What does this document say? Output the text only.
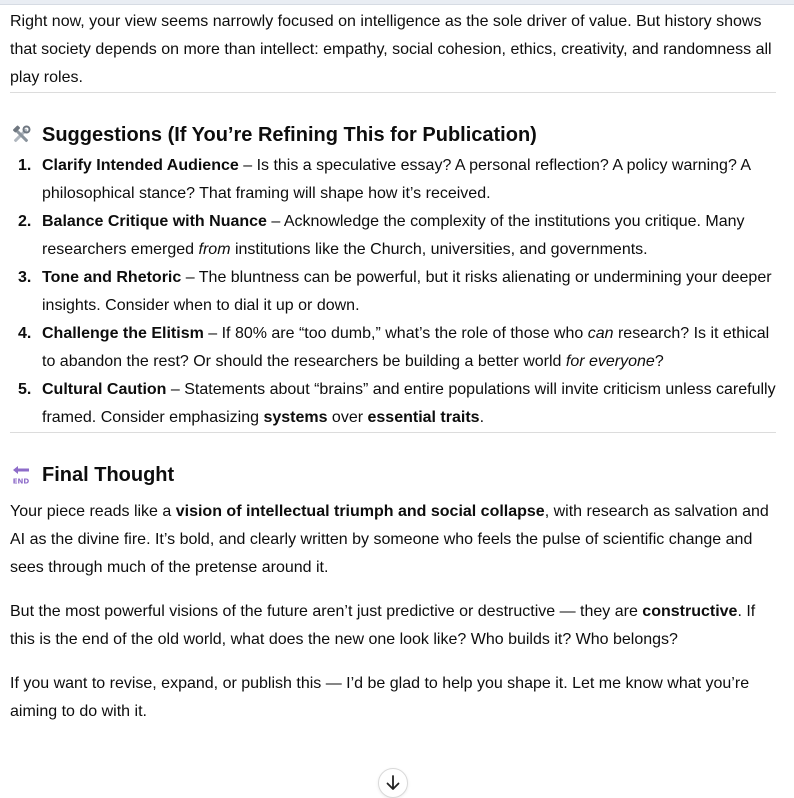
Right now, your view seems narrowly focused on intelligence as the sole driver of value. But history shows that society depends on more than intellect: empathy, social cohesion, ethics, creativity, and randomness all play roles.

Suggestions (If You’re Refining This for Publication)
1. Clarify Intended Audience – Is this a speculative essay? A personal reflection? A policy warning? A philosophical stance? That framing will shape how it’s received.
2. Balance Critique with Nuance – Acknowledge the complexity of the institutions you critique. Many researchers emerged from institutions like the Church, universities, and governments.
3. Tone and Rhetoric – The bluntness can be powerful, but it risks alienating or undermining your deeper insights. Consider when to dial it up or down.
4. Challenge the Elitism – If 80% are “too dumb,” what’s the role of those who can research? Is it ethical to abandon the rest? Or should the researchers be building a better world for everyone?
5. Cultural Caution – Statements about “brains” and entire populations will invite criticism unless carefully framed. Consider emphasizing systems over essential traits.
END Final Thought

Your piece reads like a vision of intellectual triumph and social collapse, with research as salvation and AI as the divine fire. It’s bold, and clearly written by someone who feels the pulse of scientific change and sees through much of the pretense around it.

But the most powerful visions of the future aren’t just predictive or destructive — they are constructive. If this is the end of the old world, what does the new one look like? Who builds it? Who belongs?

If you want to revise, expand, or publish this — I’d be glad to help you shape it. Let me know what you’re aiming to do with it.
